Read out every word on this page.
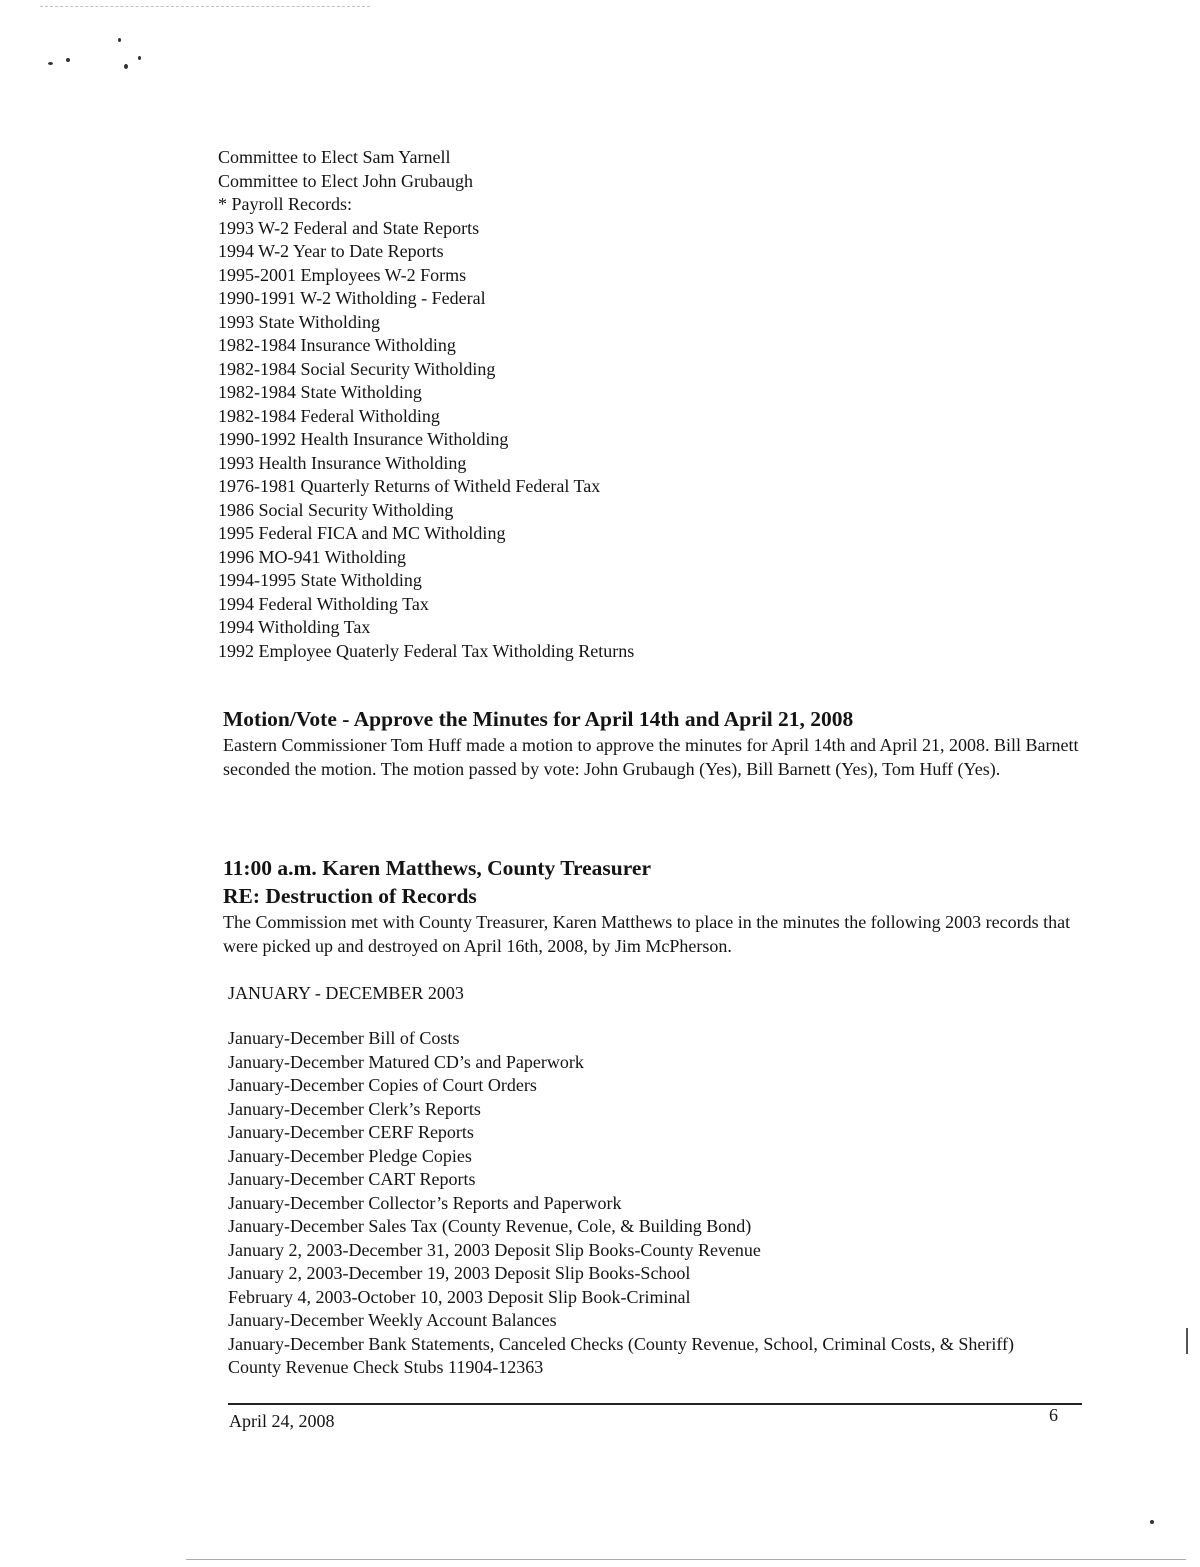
Committee to Elect Sam Yarnell
Committee to Elect John Grubaugh
* Payroll Records:
1993 W-2 Federal and State Reports
1994 W-2 Year to Date Reports
1995-2001 Employees W-2 Forms
1990-1991 W-2 Witholding - Federal
1993 State Witholding
1982-1984 Insurance Witholding
1982-1984 Social Security Witholding
1982-1984 State Witholding
1982-1984 Federal Witholding
1990-1992 Health Insurance Witholding
1993 Health Insurance Witholding
1976-1981 Quarterly Returns of Witheld Federal Tax
1986 Social Security Witholding
1995 Federal FICA and MC Witholding
1996 MO-941 Witholding
1994-1995 State Witholding
1994 Federal Witholding Tax
1994 Witholding Tax
1992 Employee Quaterly Federal Tax Witholding Returns
Motion/Vote - Approve the Minutes for April 14th and April 21, 2008

Eastern Commissioner Tom Huff made a motion to approve the minutes for April 14th and April 21, 2008. Bill Barnett seconded the motion. The motion passed by vote: John Grubaugh (Yes), Bill Barnett (Yes), Tom Huff (Yes).

11:00 a.m. Karen Matthews, County Treasurer
RE: Destruction of Records

The Commission met with County Treasurer, Karen Matthews to place in the minutes the following 2003 records that were picked up and destroyed on April 16th, 2008, by Jim McPherson.

JANUARY - DECEMBER 2003

January-December Bill of Costs
January-December Matured CD’s and Paperwork
January-December Copies of Court Orders
January-December Clerk’s Reports
January-December CERF Reports
January-December Pledge Copies
January-December CART Reports
January-December Collector’s Reports and Paperwork
January-December Sales Tax (County Revenue, Cole, & Building Bond)
January 2, 2003-December 31, 2003 Deposit Slip Books-County Revenue
January 2, 2003-December 19, 2003 Deposit Slip Books-School
February 4, 2003-October 10, 2003 Deposit Slip Book-Criminal
January-December Weekly Account Balances
January-December Bank Statements, Canceled Checks (County Revenue, School, Criminal Costs, & Sheriff)
County Revenue Check Stubs 11904-12363
April 24, 2008	6
